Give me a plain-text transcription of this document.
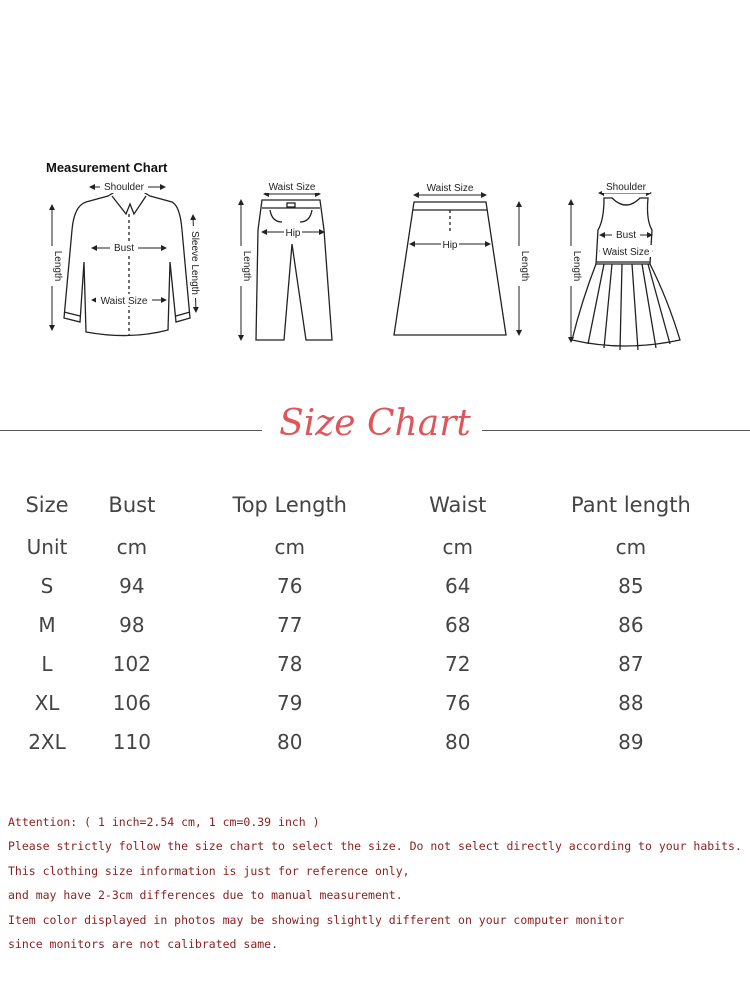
Measurement Chart
Shoulder
Bust
Waist Size
Length	Sleeve Length
Waist Size
Hip
Length
Waist Size
Hip
Length
Shoulder
Bust
Waist Size
Length
Size Chart
Size	Bust	Top Length	Waist	Pant length
Unit	cm	cm	cm	cm
S	94	76	64	85
M	98	77	68	86
L	102	78	72	87
XL	106	79	76	88
2XL	110	80	80	89
Attention: ( 1 inch=2.54 cm, 1 cm=0.39 inch )
Please strictly follow the size chart to select the size. Do not select directly according to your habits.
This clothing size information is just for reference only,
and may have 2-3cm differences due to manual measurement.
Item color displayed in photos may be showing slightly different on your computer monitor
since monitors are not calibrated same.
